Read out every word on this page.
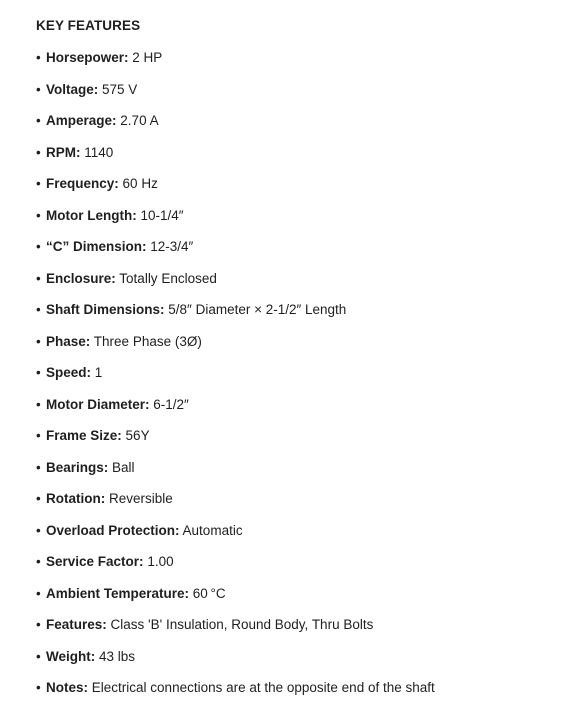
KEY FEATURES
• Horsepower: 2 HP
• Voltage: 575 V
• Amperage: 2.70 A
• RPM: 1140
• Frequency: 60 Hz
• Motor Length: 10-1/4″
• “C” Dimension: 12-3/4″
• Enclosure: Totally Enclosed
• Shaft Dimensions: 5/8″ Diameter × 2-1/2″ Length
• Phase: Three Phase (3Ø)
• Speed: 1
• Motor Diameter: 6-1/2″
• Frame Size: 56Y
• Bearings: Ball
• Rotation: Reversible
• Overload Protection: Automatic
• Service Factor: 1.00
• Ambient Temperature: 60 °C
• Features: Class 'B' Insulation, Round Body, Thru Bolts
• Weight: 43 lbs
• Notes: Electrical connections are at the opposite end of the shaft
